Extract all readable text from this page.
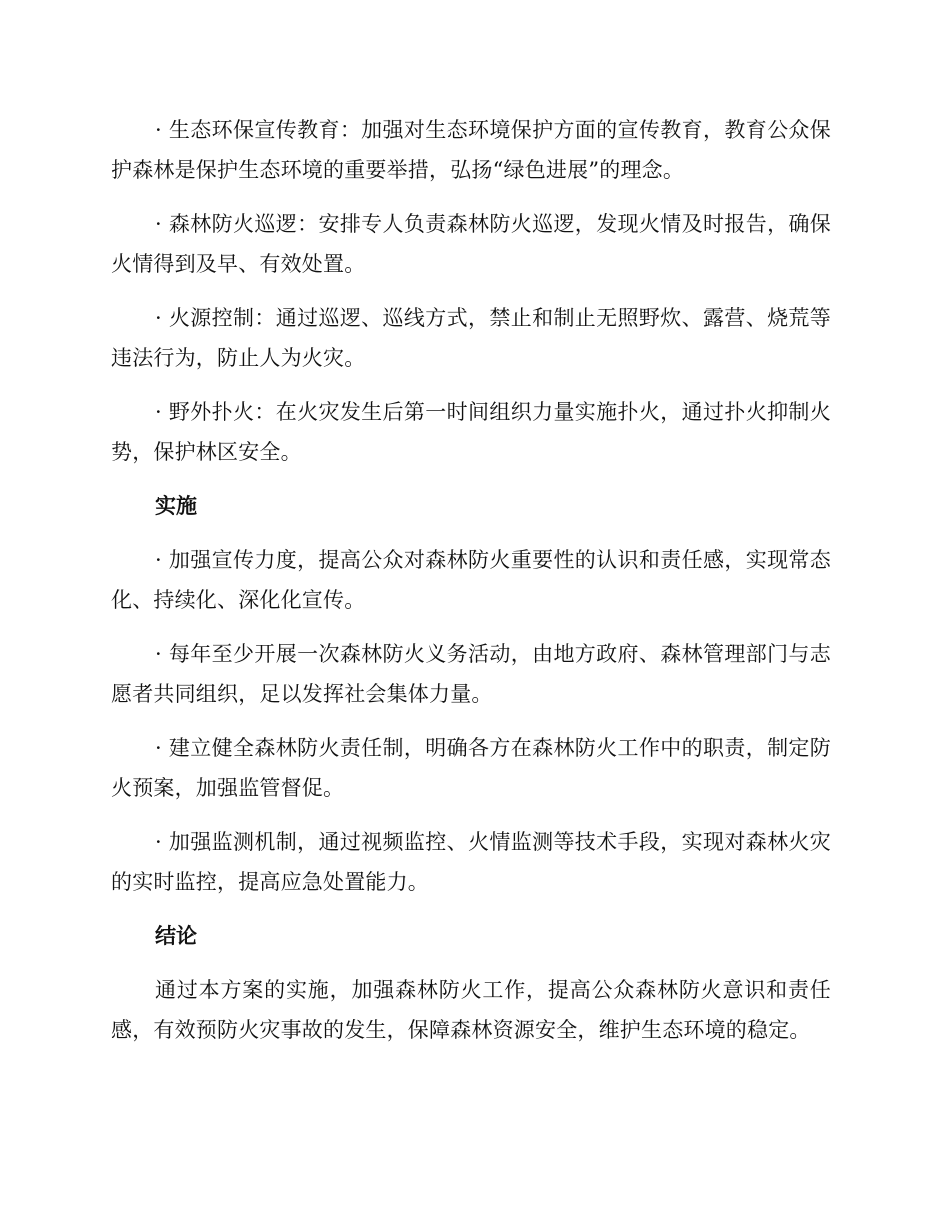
· 生态环保宣传教育：加强对生态环境保护方面的宣传教育，教育公众保护森林是保护生态环境的重要举措，弘扬“绿色进展”的理念。

· 森林防火巡逻：安排专人负责森林防火巡逻，发现火情及时报告，确保火情得到及早、有效处置。

· 火源控制：通过巡逻、巡线方式，禁止和制止无照野炊、露营、烧荒等违法行为，防止人为火灾。

· 野外扑火：在火灾发生后第一时间组织力量实施扑火，通过扑火抑制火势，保护林区安全。

实施

· 加强宣传力度，提高公众对森林防火重要性的认识和责任感，实现常态化、持续化、深化化宣传。

· 每年至少开展一次森林防火义务活动，由地方政府、森林管理部门与志愿者共同组织，足以发挥社会集体力量。

· 建立健全森林防火责任制，明确各方在森林防火工作中的职责，制定防火预案，加强监管督促。

· 加强监测机制，通过视频监控、火情监测等技术手段，实现对森林火灾的实时监控，提高应急处置能力。

结论

通过本方案的实施，加强森林防火工作，提高公众森林防火意识和责任感，有效预防火灾事故的发生，保障森林资源安全，维护生态环境的稳定。
